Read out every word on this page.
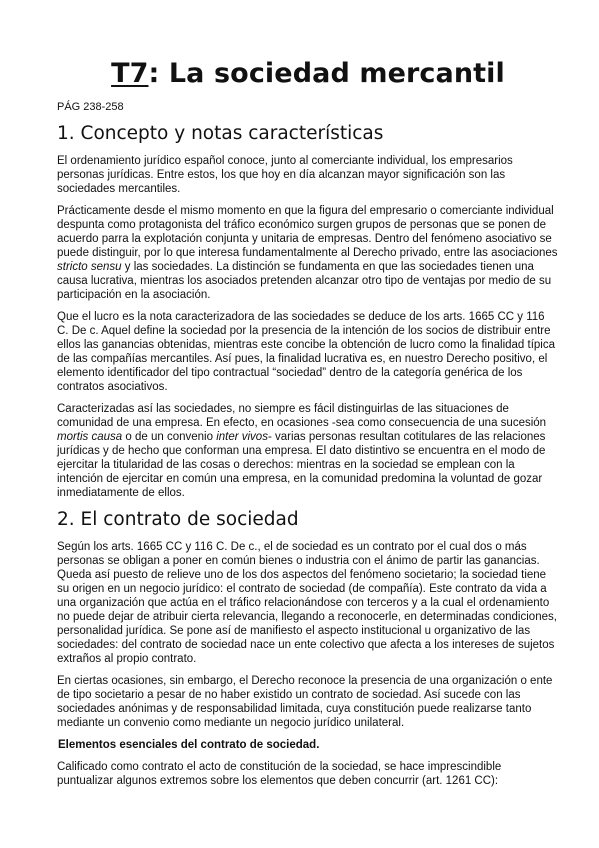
T7: La sociedad mercantil
PÁG 238-258
1. Concepto y notas características

El ordenamiento jurídico español conoce, junto al comerciante individual, los empresarios personas jurídicas. Entre estos, los que hoy en día alcanzan mayor significación son las sociedades mercantiles.

Prácticamente desde el mismo momento en que la figura del empresario o comerciante individual despunta como protagonista del tráfico económico surgen grupos de personas que se ponen de acuerdo parra la explotación conjunta y unitaria de empresas. Dentro del fenómeno asociativo se puede distinguir, por lo que interesa fundamentalmente al Derecho privado, entre las asociaciones stricto sensu y las sociedades. La distinción se fundamenta en que las sociedades tienen una causa lucrativa, mientras los asociados pretenden alcanzar otro tipo de ventajas por medio de su participación en la asociación.

Que el lucro es la nota caracterizadora de las sociedades se deduce de los arts. 1665 CC y 116 C. De c. Aquel define la sociedad por la presencia de la intención de los socios de distribuir entre ellos las ganancias obtenidas, mientras este concibe la obtención de lucro como la finalidad típica de las compañías mercantiles. Así pues, la finalidad lucrativa es, en nuestro Derecho positivo, el elemento identificador del tipo contractual “sociedad” dentro de la categoría genérica de los contratos asociativos.

Caracterizadas así las sociedades, no siempre es fácil distinguirlas de las situaciones de comunidad de una empresa. En efecto, en ocasiones -sea como consecuencia de una sucesión mortis causa o de un convenio inter vivos- varias personas resultan cotitulares de las relaciones jurídicas y de hecho que conforman una empresa. El dato distintivo se encuentra en el modo de ejercitar la titularidad de las cosas o derechos: mientras en la sociedad se emplean con la intención de ejercitar en común una empresa, en la comunidad predomina la voluntad de gozar inmediatamente de ellos.

2. El contrato de sociedad

Según los arts. 1665 CC y 116 C. De c., el de sociedad es un contrato por el cual dos o más personas se obligan a poner en común bienes o industria con el ánimo de partir las ganancias. Queda así puesto de relieve uno de los dos aspectos del fenómeno societario; la sociedad tiene su origen en un negocio jurídico: el contrato de sociedad (de compañía). Este contrato da vida a una organización que actúa en el tráfico relacionándose con terceros y a la cual el ordenamiento no puede dejar de atribuir cierta relevancia, llegando a reconocerle, en determinadas condiciones, personalidad jurídica. Se pone así de manifiesto el aspecto institucional u organizativo de las sociedades: del contrato de sociedad nace un ente colectivo que afecta a los intereses de sujetos extraños al propio contrato.

En ciertas ocasiones, sin embargo, el Derecho reconoce la presencia de una organización o ente de tipo societario a pesar de no haber existido un contrato de sociedad. Así sucede con las sociedades anónimas y de responsabilidad limitada, cuya constitución puede realizarse tanto mediante un convenio como mediante un negocio jurídico unilateral.

Elementos esenciales del contrato de sociedad.

Calificado como contrato el acto de constitución de la sociedad, se hace imprescindible puntualizar algunos extremos sobre los elementos que deben concurrir (art. 1261 CC):
